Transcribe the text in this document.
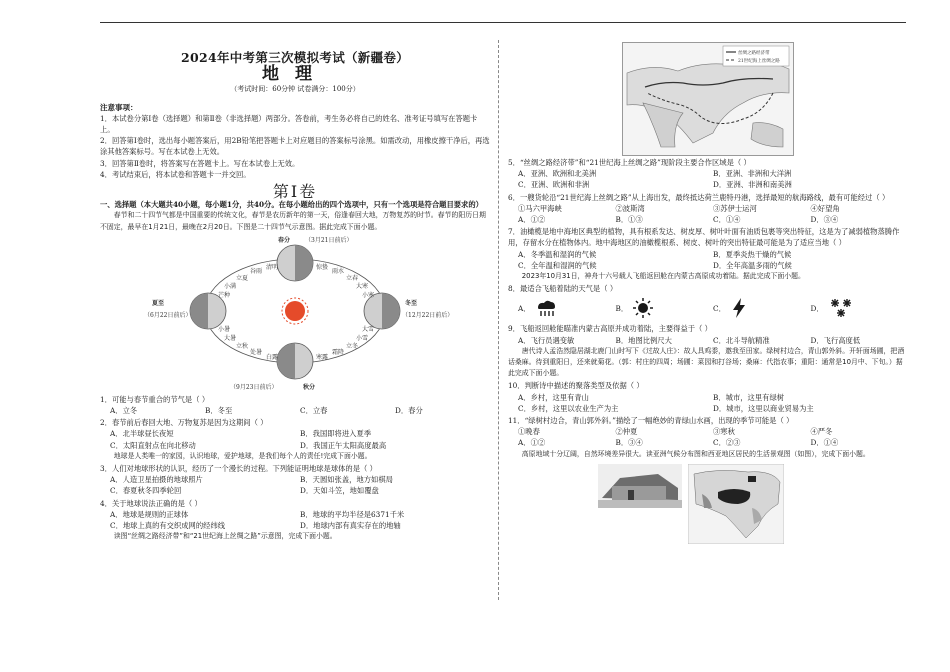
2024年中考第三次模拟考试（新疆卷）
地理
（考试时间：60分钟 试卷满分：100分）
注意事项：
1．本试卷分第Ⅰ卷（选择题）和第Ⅱ卷（非选择题）两部分。答卷前，考生务必将自己的姓名、准考证号填写在答题卡上。
2．回答第Ⅰ卷时，选出每小题答案后，用2B铅笔把答题卡上对应题目的答案标号涂黑。如需改动，用橡皮擦干净后，再选涂其他答案标号。写在本试卷上无效。
3．回答第Ⅱ卷时，将答案写在答题卡上。写在本试卷上无效。
4．考试结束后，将本试卷和答题卡一并交回。
第Ⅰ卷
一、选择题（本大题共40小题，每小题1分，共40分。在每小题给出的四个选项中，只有一个选项是符合题目要求的）
春节和二十四节气都是中国重要的传统文化，春节是农历新年的第一天，俗逢春回大地，万物复苏的时节。春节的阳历日期不固定，最早在1月21日，最晚在2月20日。下图是二十四节气示意图。据此完成下面小题。
春分 （3月21日前后）
夏至
（6月22日前后）
冬至
（12月22日前后）
（9月23日前后）	秋分
清明
谷雨
立夏
小满
芒种
惊蛰
雨水
立春
大寒
小寒
小暑
大暑
立秋
处暑
白露	寒露
霜降
立冬
小雪
大雪
1．可能与春节重合的节气是（ ）
A．立冬	B．冬至	C．立春	D．春分
2．春节前后春回大地、万物复苏是因为这期间（ ）
A．北半球昼长夜短	B．我国即将进入夏季
C．太阳直射点在向北移动	D．我国正午太阳高度最高
地球是人类唯一的家园，认识地球，爱护地球，是我们每个人的责任!完成下面小题。
3．人们对地球形状的认识，经历了一个漫长的过程。下列能证明地球是球体的是（ ）
A．人造卫星拍摄的地球照片	B．天圆如张盖，地方如棋局
C．春夏秋冬四季轮回	D．天如斗笠，地如覆盘
4．关于地球说法正确的是（ ）
A．地球是规则的正球体	B．地球的平均半径是6371千米
C．地球上真的有交织成网的经纬线	D．地球内部有真实存在的地轴
读图“丝绸之路经济带”和“21世纪海上丝绸之路”示意图，完成下面小题。
丝绸之路经济带
21世纪海上丝绸之路
5．“丝绸之路经济带”和“21世纪海上丝绸之路”现阶段主要合作区域是（ ）
A．亚洲、欧洲和北美洲	B．亚洲、非洲和大洋洲
C．亚洲、欧洲和非洲	D．亚洲、非洲和南美洲
6．一艘货轮沿“21世纪海上丝绸之路”从上海出发，最终抵达荷兰鹿特丹港，选择最短的航海路线，最有可能经过（ ）
①马六甲海峡	②波斯湾	③苏伊士运河	④好望角
A．①②	B．①③	C．①④	D．③④
7．油橄榄是地中海地区典型的植物，具有根系发达、树皮厚、树叶叶面有油质包裹等突出特征，这是为了减弱植物蒸腾作用，存留水分在植物体内。地中海地区的油橄榄根系、树皮、树叶的突出特征最可能是为了适应当地（ ）
A．冬季温和湿润的气候	B．夏季炎热干燥的气候
C．全年温和湿润的气候	D．全年高温多雨的气候
2023年10月31日，神舟十六号载人飞船返回舱在内蒙古高原成功着陆。据此完成下面小题。
8．最适合飞船着陆的天气是（ ）
A．	B．	C．	D．
9．飞船返回舱能瞄准内蒙古高原并成功着陆，主要得益于（ ）
A．飞行员遇变敏	B．地图比例尺大	C．北斗导航精准	D．飞行高度低
唐代诗人孟浩然隐居湖北鹿门山时写下《过故人庄》：故人具鸡黍，邀我至田家。绿树村边合，青山郭外斜。开轩面场圃，把酒话桑麻。待到重阳日，还来就菊花。（郭：村庄的四周；场圃：菜园和打谷场；桑麻：代指农事；重阳：通常是10月中、下旬。）据此完成下面小题。
10．判断诗中描述的聚落类型及依据（ ）
A．乡村，这里有青山	B．城市，这里有绿树
C．乡村，这里以农业生产为主	D．城市，这里以商业贸易为主
11．“绿树村边合，青山郭外斜。”描绘了一幅绝妙的青绿山水画，出现的季节可能是（ ）
①晚春	②仲夏	③寒秋	④严冬
A．①②	B．③④	C．②③	D．①④
高原地域十分辽阔，自然环境差异很大。读亚洲气候分布图和西亚地区居民的生活景观图（如图），完成下面小题。
